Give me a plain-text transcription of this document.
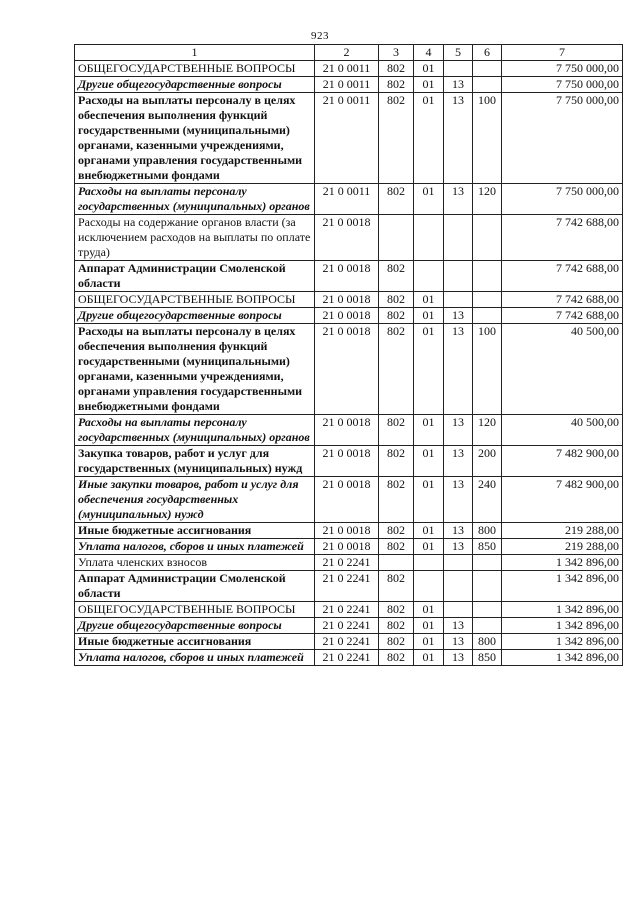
923
1	2	3	4	5	6	7
ОБЩЕГОСУДАРСТВЕННЫЕ ВОПРОСЫ	21 0 0011	802	01			7 750 000,00
Другие общегосударственные вопросы	21 0 0011	802	01	13		7 750 000,00
Расходы на выплаты персоналу в целях обеспечения выполнения функций государственными (муниципальными) органами, казенными учреждениями, органами управления государственными внебюджетными фондами	21 0 0011	802	01	13	100	7 750 000,00
Расходы на выплаты персоналу государственных (муниципальных) органов	21 0 0011	802	01	13	120	7 750 000,00
Расходы на содержание органов власти (за исключением расходов на выплаты по оплате труда)	21 0 0018					7 742 688,00
Аппарат Администрации Смоленской области	21 0 0018	802				7 742 688,00
ОБЩЕГОСУДАРСТВЕННЫЕ ВОПРОСЫ	21 0 0018	802	01			7 742 688,00
Другие общегосударственные вопросы	21 0 0018	802	01	13		7 742 688,00
Расходы на выплаты персоналу в целях обеспечения выполнения функций государственными (муниципальными) органами, казенными учреждениями, органами управления государственными внебюджетными фондами	21 0 0018	802	01	13	100	40 500,00
Расходы на выплаты персоналу государственных (муниципальных) органов	21 0 0018	802	01	13	120	40 500,00
Закупка товаров, работ и услуг для государственных (муниципальных) нужд	21 0 0018	802	01	13	200	7 482 900,00
Иные закупки товаров, работ и услуг для обеспечения государственных (муниципальных) нужд	21 0 0018	802	01	13	240	7 482 900,00
Иные бюджетные ассигнования	21 0 0018	802	01	13	800	219 288,00
Уплата налогов, сборов и иных платежей	21 0 0018	802	01	13	850	219 288,00
Уплата членских взносов	21 0 2241					1 342 896,00
Аппарат Администрации Смоленской области	21 0 2241	802				1 342 896,00
ОБЩЕГОСУДАРСТВЕННЫЕ ВОПРОСЫ	21 0 2241	802	01			1 342 896,00
Другие общегосударственные вопросы	21 0 2241	802	01	13		1 342 896,00
Иные бюджетные ассигнования	21 0 2241	802	01	13	800	1 342 896,00
Уплата налогов, сборов и иных платежей	21 0 2241	802	01	13	850	1 342 896,00
